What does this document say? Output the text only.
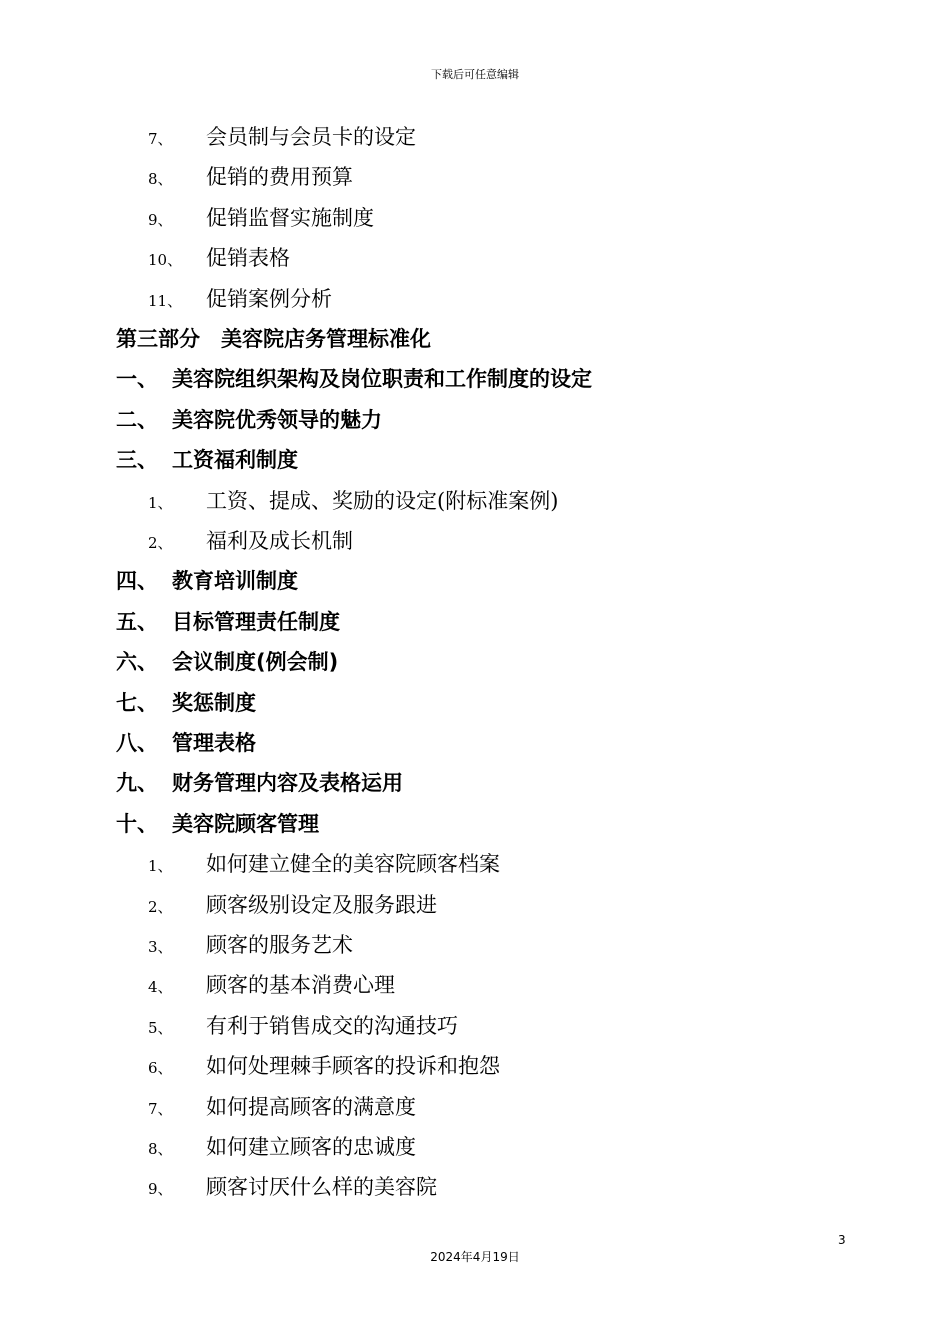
下载后可任意编辑
7、 会员制与会员卡的设定
8、 促销的费用预算
9、 促销监督实施制度
10、 促销表格
11、 促销案例分析
第三部分　美容院店务管理标准化
一、 美容院组织架构及岗位职责和工作制度的设定
二、 美容院优秀领导的魅力
三、 工资福利制度
1、 工资、提成、奖励的设定(附标准案例)
2、 福利及成长机制
四、 教育培训制度
五、 目标管理责任制度
六、 会议制度(例会制)
七、 奖惩制度
八、 管理表格
九、 财务管理内容及表格运用
十、 美容院顾客管理
1、 如何建立健全的美容院顾客档案
2、 顾客级别设定及服务跟进
3、 顾客的服务艺术
4、 顾客的基本消费心理
5、 有利于销售成交的沟通技巧
6、 如何处理棘手顾客的投诉和抱怨
7、 如何提高顾客的满意度
8、 如何建立顾客的忠诚度
9、 顾客讨厌什么样的美容院
3
2024年4月19日
